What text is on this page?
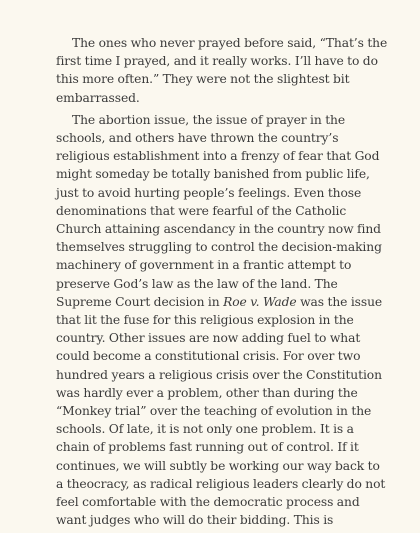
The ones who never prayed before said, “That’s the
first time I prayed, and it really works. I’ll have to do
this more often.” They were not the slightest bit
embarrassed.

The abortion issue, the issue of prayer in the
schools, and others have thrown the country’s
religious establishment into a frenzy of fear that God
might someday be totally banished from public life,
just to avoid hurting people’s feelings. Even those
denominations that were fearful of the Catholic
Church attaining ascendancy in the country now find
themselves struggling to control the decision-making
machinery of government in a frantic attempt to
preserve God’s law as the law of the land. The
Supreme Court decision in Roe v. Wade was the issue
that lit the fuse for this religious explosion in the
country. Other issues are now adding fuel to what
could become a constitutional crisis. For over two
hundred years a religious crisis over the Constitution
was hardly ever a problem, other than during the
“Monkey trial” over the teaching of evolution in the
schools. Of late, it is not only one problem. It is a
chain of problems fast running out of control. If it
continues, we will subtly be working our way back to
a theocracy, as radical religious leaders clearly do not
feel comfortable with the democratic process and
want judges who will do their bidding. This is
